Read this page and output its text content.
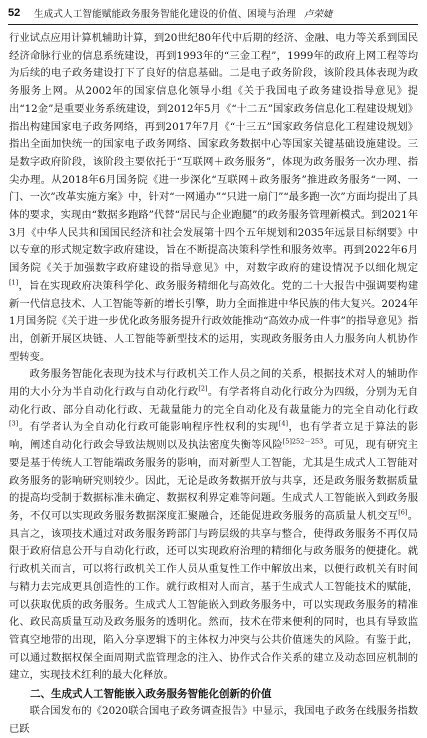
52	生成式人工智能赋能政务服务智能化建设的价值、困境与治理 卢荣婕

行业试点应用计算机辅助计算，到20世纪80年代中后期的经济、金融、电力等关系到国民经济命脉行业的信息系统建设，再到1993年的“三金工程”，1999年的政府上网工程等均为后续的电子政务建设打下了良好的信息基础。二是电子政务阶段，该阶段具体表现为政务服务上网。从2002年的国家信息化领导小组《关于我国电子政务建设指导意见》提出“12金”是重要业务系统建设，到2012年5月《“十二五”国家政务信息化工程建设规划》指出构建国家电子政务网络，再到2017年7月《“十三五”国家政务信息化工程建设规划》指出全面加快统一的国家电子政务网络、国家政务数据中心等国家关键基础设施建设。三是数字政府阶段，该阶段主要依托于“互联网＋政务服务”，体现为政务服务一次办理、指尖办理。从2018年6月国务院《进一步深化“互联网＋政务服务”推进政务服务“一网、一门、一次”改革实施方案》中，针对“一网通办”“只进一扇门”“最多跑一次”方面均提出了具体的要求，实现由“数据多跑路”代替“居民与企业跑腿”的政务服务管理新模式。到2021年3月《中华人民共和国国民经济和社会发展第十四个五年规划和2035年远景目标纲要》中以专章的形式规定数字政府建设，旨在不断提高决策科学性和服务效率。再到2022年6月国务院《关于加强数字政府建设的指导意见》中，对数字政府的建设情况予以细化规定[1]，旨在实现政府决策科学化、政务服务精细化与高效化。党的二十大报告中强调要构建新一代信息技术、人工智能等新的增长引擎，助力全面推进中华民族的伟大复兴。2024年1月国务院《关于进一步优化政务服务提升行政效能推动“高效办成一件事”的指导意见》指出，创新开展区块链、人工智能等新型技术的运用，实现政务服务由人力服务向人机协作型转变。

政务服务智能化表现为技术与行政机关工作人员之间的关系，根据技术对人的辅助作用的大小分为半自动化行政与自动化行政[2]。有学者将自动化行政分为四级，分别为无自动化行政、部分自动化行政、无裁量能力的完全自动化及有裁量能力的完全自动化行政[3]。有学者认为全自动化行政可能影响程序性权利的实现[4]，也有学者立足于算法的影响，阐述自动化行政会导致法规则以及执法密度失衡等风险$^{[5]252-253}$。可见，现有研究主要是基于传统人工智能端政务服务的影响，而对新型人工智能，尤其是生成式人工智能对政务服务的影响研究则较少。因此，无论是政务数据开放与共享，还是政务服务数据质量的提高均受制于数据标准未确定、数据权利界定难等问题。生成式人工智能嵌入到政务服务，不仅可以实现政务服务数据深度汇聚融合，还能促进政务服务的高质量人机交互[6]。具言之，该项技术通过对政务服务跨部门与跨层级的共享与整合，使得政务服务不再仅局限于政府信息公开与自动化行政，还可以实现政府治理的精细化与政务服务的便捷化。就行政机关而言，可以将行政机关工作人员从重复性工作中解放出来，以便行政机关有时间与精力去完成更具创造性的工作。就行政相对人而言，基于生成式人工智能技术的赋能，可以获取优质的政务服务。生成式人工智能嵌入到政务服务中，可以实现政务服务的精准化、政民高质量互动及政务服务的透明化。然而，技术在带来便利的同时，也具有导致监管真空地带的出现，陷入分享逻辑下的主体权力冲突与公共价值迷失的风险。有鉴于此，可以通过数据权保全面周期式监管理念的注入、协作式合作关系的建立及动态回应机制的建立，实现技术红利的最大化释放。

二、生成式人工智能嵌入政务服务智能化创新的价值

联合国发布的《2020联合国电子政务调查报告》中显示，我国电子政务在线服务指数已跃
